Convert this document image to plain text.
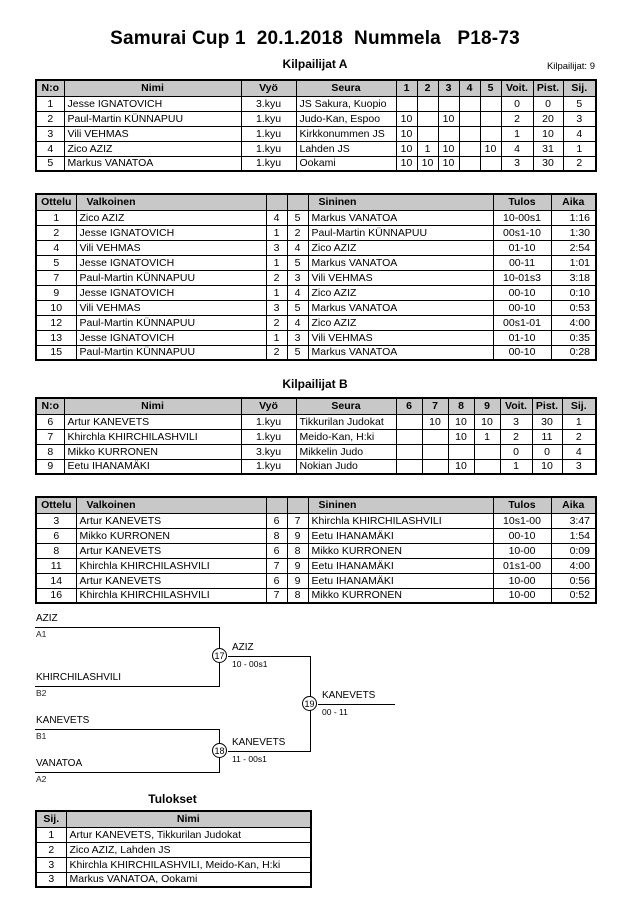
Samurai Cup 1  20.1.2018  Nummela   P18-73
Kilpailijat A	Kilpailijat: 9
N:o	Nimi	Vyö	Seura	1	2	3	4	5	Voit.	Pist.	Sij.
1	Jesse IGNATOVICH	3.kyu	JS Sakura, Kuopio						0	0	5
2	Paul-Martin KÜNNAPUU	1.kyu	Judo-Kan, Espoo	10		10			2	20	3
3	Vili VEHMAS	1.kyu	Kirkkonummen JS	10					1	10	4
4	Zico AZIZ	1.kyu	Lahden JS	10	1	10		10	4	31	1
5	Markus VANATOA	1.kyu	Ookami	10	10	10			3	30	2
Ottelu	Valkoinen			Sininen	Tulos	Aika
1	Zico AZIZ	4	5	Markus VANATOA	10-00s1	1:16
2	Jesse IGNATOVICH	1	2	Paul-Martin KÜNNAPUU	00s1-10	1:30
4	Vili VEHMAS	3	4	Zico AZIZ	01-10	2:54
5	Jesse IGNATOVICH	1	5	Markus VANATOA	00-11	1:01
7	Paul-Martin KÜNNAPUU	2	3	Vili VEHMAS	10-01s3	3:18
9	Jesse IGNATOVICH	1	4	Zico AZIZ	00-10	0:10
10	Vili VEHMAS	3	5	Markus VANATOA	00-10	0:53
12	Paul-Martin KÜNNAPUU	2	4	Zico AZIZ	00s1-01	4:00
13	Jesse IGNATOVICH	1	3	Vili VEHMAS	01-10	0:35
15	Paul-Martin KÜNNAPUU	2	5	Markus VANATOA	00-10	0:28
Kilpailijat B
N:o	Nimi	Vyö	Seura	6	7	8	9	Voit.	Pist.	Sij.
6	Artur KANEVETS	1.kyu	Tikkurilan Judokat		10	10	10	3	30	1
7	Khirchla KHIRCHILASHVILI	1.kyu	Meido-Kan, H:ki			10	1	2	11	2
8	Mikko KURRONEN	3.kyu	Mikkelin Judo					0	0	4
9	Eetu IHANAMÄKI	1.kyu	Nokian Judo			10		1	10	3
Ottelu	Valkoinen			Sininen	Tulos	Aika
3	Artur KANEVETS	6	7	Khirchla KHIRCHILASHVILI	10s1-00	3:47
6	Mikko KURRONEN	8	9	Eetu IHANAMÄKI	00-10	1:54
8	Artur KANEVETS	6	8	Mikko KURRONEN	10-00	0:09
11	Khirchla KHIRCHILASHVILI	7	9	Eetu IHANAMÄKI	01s1-00	4:00
14	Artur KANEVETS	6	9	Eetu IHANAMÄKI	10-00	0:56
16	Khirchla KHIRCHILASHVILI	7	8	Mikko KURRONEN	10-00	0:52
AZIZ
A1
KHIRCHILASHVILI
B2
17
AZIZ
10 - 00s1
KANEVETS
B1
VANATOA
A2
18
KANEVETS
11 - 00s1
19
KANEVETS
00 - 11
Tulokset
Sij.	Nimi
1	Artur KANEVETS, Tikkurilan Judokat
2	Zico AZIZ, Lahden JS
3	Khirchla KHIRCHILASHVILI, Meido-Kan, H:ki
3	Markus VANATOA, Ookami
